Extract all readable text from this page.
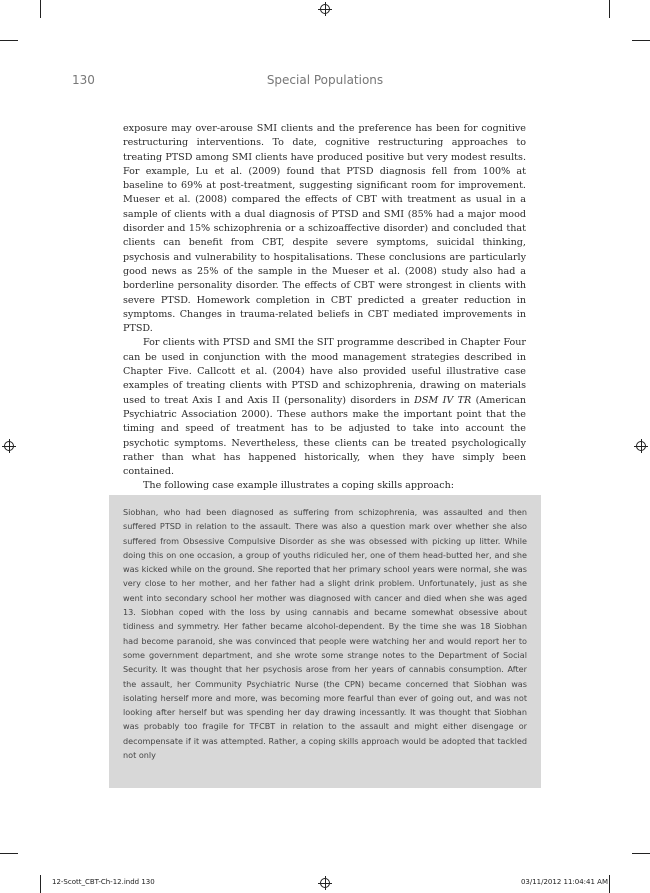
130	Special Populations

exposure may over-arouse SMI clients and the preference has been for cognitive restructuring interventions. To date, cognitive restructuring approaches to treating PTSD among SMI clients have produced positive but very modest results. For example, Lu et al. (2009) found that PTSD diagnosis fell from 100% at baseline to 69% at post-treatment, suggesting significant room for improvement. Mueser et al. (2008) compared the effects of CBT with treatment as usual in a sample of clients with a dual diagnosis of PTSD and SMI (85% had a major mood disorder and 15% schizophrenia or a schizoaffective disorder) and concluded that clients can benefit from CBT, despite severe symptoms, suicidal thinking, psychosis and vulnerability to hospitalisations. These conclusions are particularly good news as 25% of the sample in the Mueser et al. (2008) study also had a borderline personality disorder. The effects of CBT were strongest in clients with severe PTSD. Homework completion in CBT predicted a greater reduction in symptoms. Changes in trauma-related beliefs in CBT mediated improvements in PTSD.

For clients with PTSD and SMI the SIT programme described in Chapter Four can be used in conjunction with the mood management strategies described in Chapter Five. Callcott et al. (2004) have also provided useful illustrative case examples of treating clients with PTSD and schizophrenia, drawing on materials used to treat Axis I and Axis II (personality) disorders in DSM IV TR (American Psychiatric Association 2000). These authors make the important point that the timing and speed of treatment has to be adjusted to take into account the psychotic symptoms. Nevertheless, these clients can be treated psychologically rather than what has happened historically, when they have simply been contained.

The following case example illustrates a coping skills approach:

Siobhan, who had been diagnosed as suffering from schizophrenia, was assaulted and then suffered PTSD in relation to the assault. There was also a question mark over whether she also suffered from Obsessive Compulsive Disorder as she was obsessed with picking up litter. While doing this on one occasion, a group of youths ridiculed her, one of them head-butted her, and she was kicked while on the ground. She reported that her primary school years were normal, she was very close to her mother, and her father had a slight drink problem. Unfortunately, just as she went into secondary school her mother was diagnosed with cancer and died when she was aged 13. Siobhan coped with the loss by using cannabis and became somewhat obsessive about tidiness and symmetry. Her father became alcohol-dependent. By the time she was 18 Siobhan had become paranoid, she was convinced that people were watching her and would report her to some government department, and she wrote some strange notes to the Department of Social Security. It was thought that her psychosis arose from her years of cannabis consumption. After the assault, her Community Psychiatric Nurse (the CPN) became concerned that Siobhan was isolating herself more and more, was becoming more fearful than ever of going out, and was not looking after herself but was spending her day drawing incessantly. It was thought that Siobhan was probably too fragile for TFCBT in relation to the assault and might either disengage or decompensate if it was attempted. Rather, a coping skills approach would be adopted that tackled not only

12-Scott_CBT-Ch-12.indd 130	03/11/2012 11:04:41 AM
